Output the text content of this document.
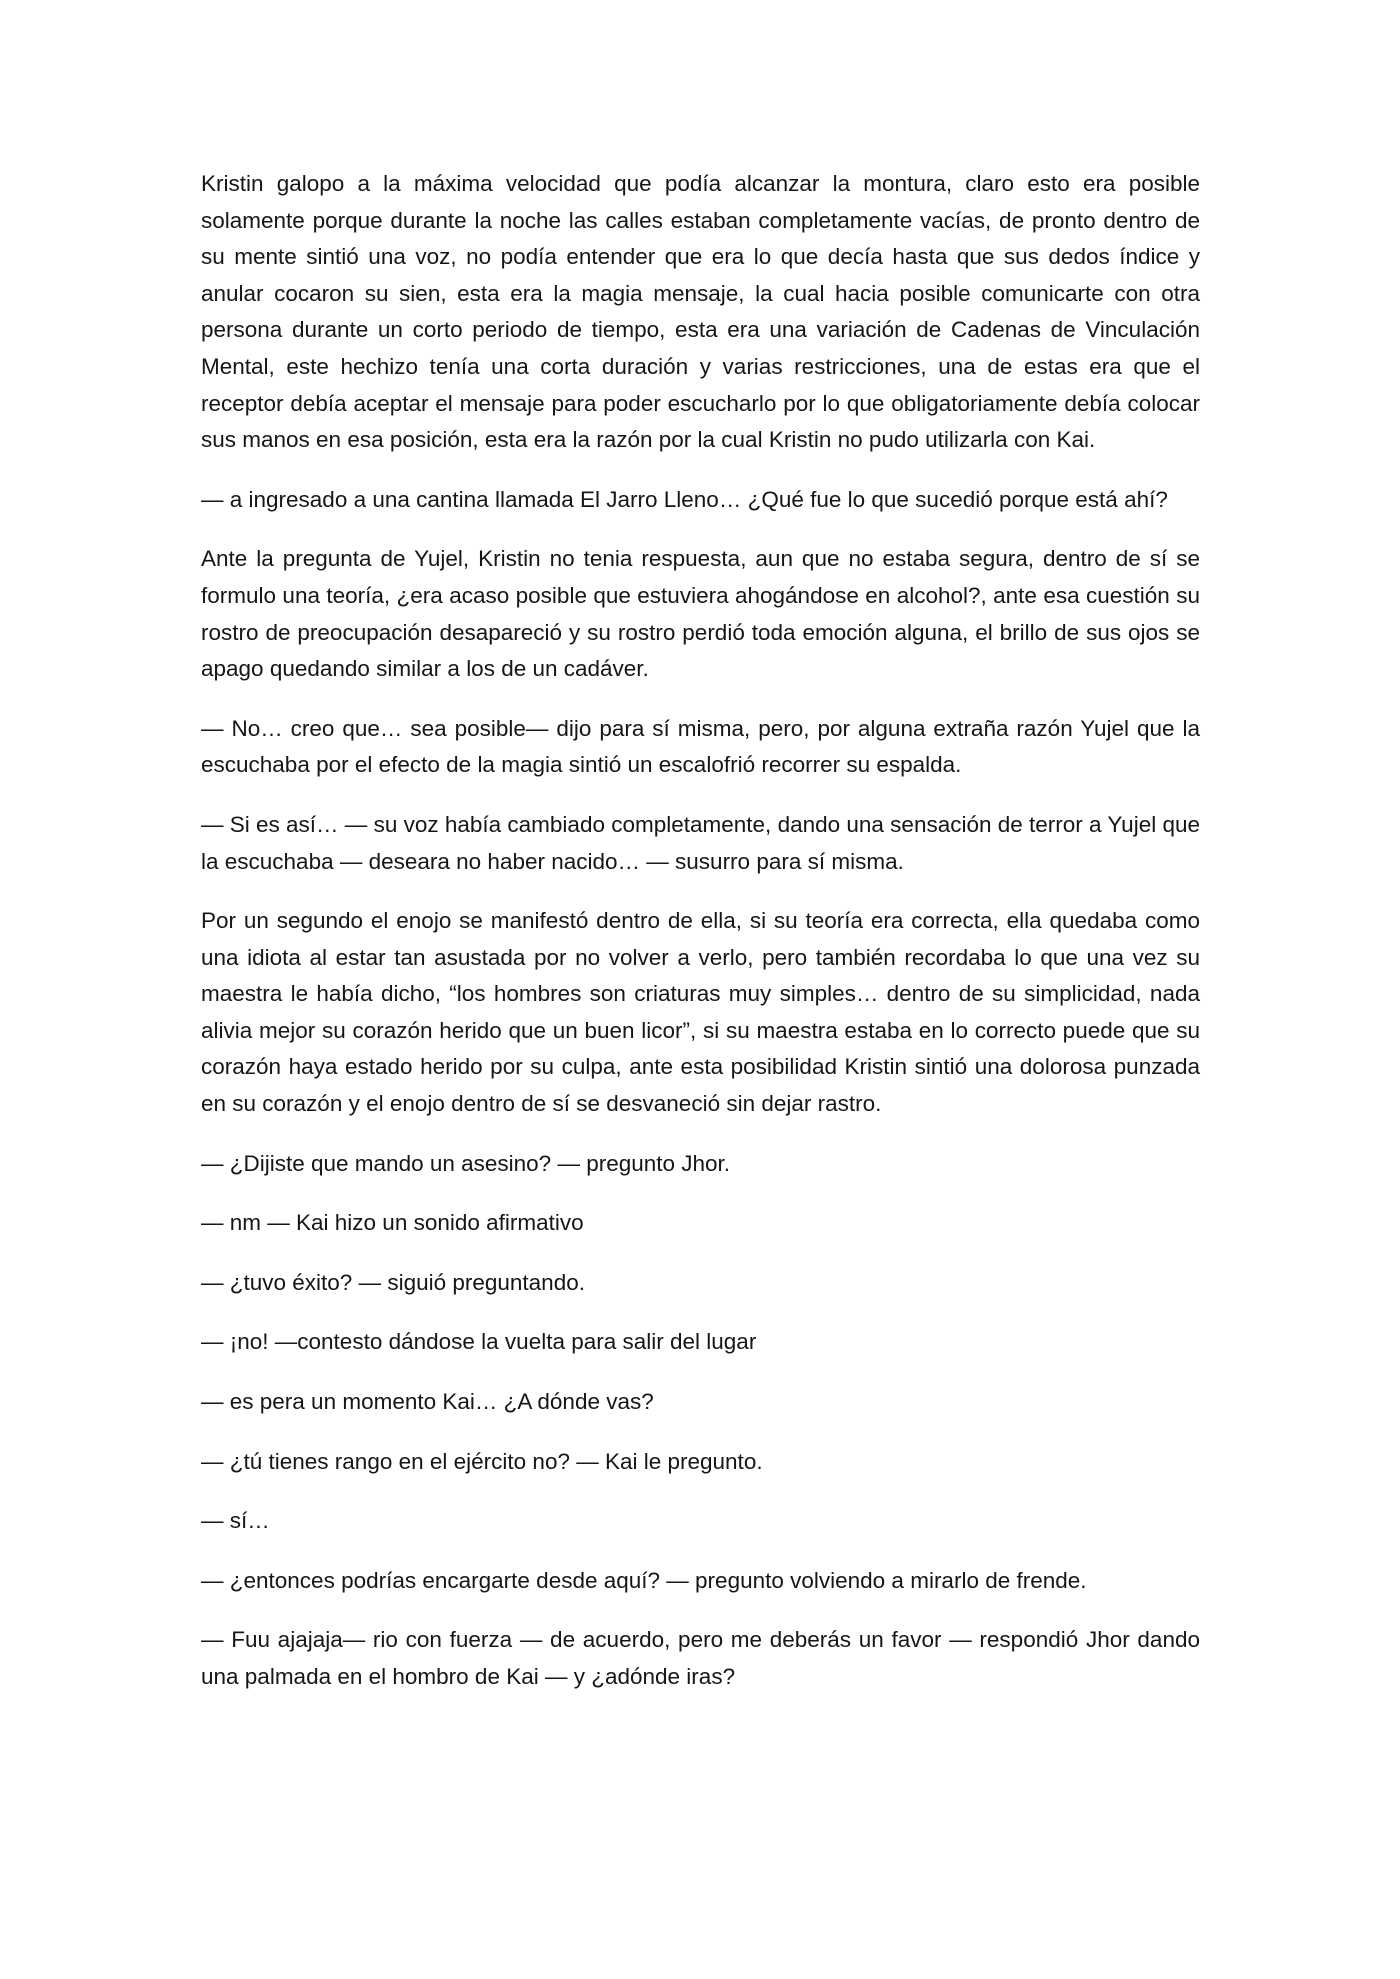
Kristin galopo a la máxima velocidad que podía alcanzar la montura, claro esto era posible solamente porque durante la noche las calles estaban completamente vacías, de pronto dentro de su mente sintió una voz, no podía entender que era lo que decía hasta que sus dedos índice y anular cocaron su sien, esta era la magia mensaje, la cual hacia posible comunicarte con otra persona durante un corto periodo de tiempo, esta era una variación de Cadenas de Vinculación Mental, este hechizo tenía una corta duración y varias restricciones, una de estas era que el receptor debía aceptar el mensaje para poder escucharlo por lo que obligatoriamente debía colocar sus manos en esa posición, esta era la razón por la cual Kristin no pudo utilizarla con Kai.

— a ingresado a una cantina llamada El Jarro Lleno… ¿Qué fue lo que sucedió porque está ahí?

Ante la pregunta de Yujel, Kristin no tenia respuesta, aun que no estaba segura, dentro de sí se formulo una teoría, ¿era acaso posible que estuviera ahogándose en alcohol?, ante esa cuestión su rostro de preocupación desapareció y su rostro perdió toda emoción alguna, el brillo de sus ojos se apago quedando similar a los de un cadáver.

— No… creo que… sea posible— dijo para sí misma, pero, por alguna extraña razón Yujel que la escuchaba por el efecto de la magia sintió un escalofrió recorrer su espalda.

— Si es así… — su voz había cambiado completamente, dando una sensación de terror a Yujel que la escuchaba — deseara no haber nacido… — susurro para sí misma.

Por un segundo el enojo se manifestó dentro de ella, si su teoría era correcta, ella quedaba como una idiota al estar tan asustada por no volver a verlo, pero también recordaba lo que una vez su maestra le había dicho, “los hombres son criaturas muy simples… dentro de su simplicidad, nada alivia mejor su corazón herido que un buen licor”, si su maestra estaba en lo correcto puede que su corazón haya estado herido por su culpa, ante esta posibilidad Kristin sintió una dolorosa punzada en su corazón y el enojo dentro de sí se desvaneció sin dejar rastro.

— ¿Dijiste que mando un asesino? — pregunto Jhor.

— nm — Kai hizo un sonido afirmativo

— ¿tuvo éxito? — siguió preguntando.

— ¡no! —contesto dándose la vuelta para salir del lugar

— es pera un momento Kai… ¿A dónde vas?

— ¿tú tienes rango en el ejército no? — Kai le pregunto.

— sí…

— ¿entonces podrías encargarte desde aquí? — pregunto volviendo a mirarlo de frende.

— Fuu ajajaja— rio con fuerza — de acuerdo, pero me deberás un favor — respondió Jhor dando una palmada en el hombro de Kai — y ¿adónde iras?
